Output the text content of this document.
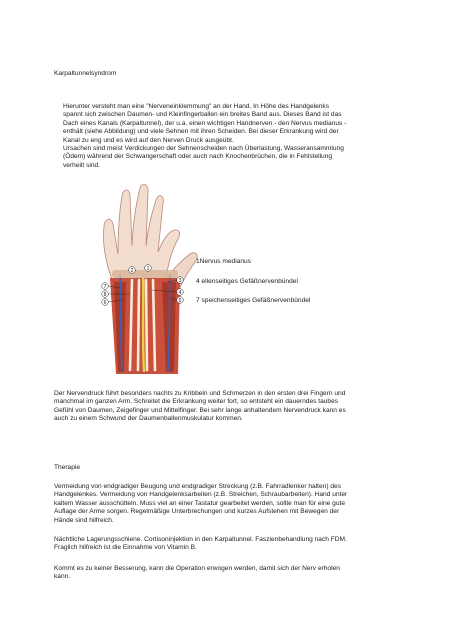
Karpaltunnelsyndrom

Hierunter versteht man eine "Nerveneinklemmung" an der Hand. In Höhe des Handgelenks
spannt sich zwischen Daumen- und Kleinfingerballen ein breites Band aus. Dieses Band ist das
Dach eines Kanals (Karpaltunnel), der u.a. einen wichtigen Handnerven - den Nervus medianus -
enthält (siehe Abbildung) und viele Sehnen mit ihren Scheiden. Bei dieser Erkrankung wird der
Kanal zu eng und es wird auf den Nerven Druck ausgeübt.
Ursachen sind meist Verdickungen der Sehnenscheiden nach Überlastung, Wasseransammlung
(Ödem) während der Schwangerschaft oder auch nach Knochenbrüchen, die in Fehlstellung
verheilt sind.
1
2
3
4
5
6
7
8
1Nervus medianus
4 ellenseitiges Gefäßnervenbündel
7 speichenseitiges Gefäßnervenbündel
Der Nervendruck führt besonders nachts zu Kribbeln und Schmerzen in den ersten drei Fingern und
manchmal im ganzen Arm. Schreitet die Erkrankung weiter fort, so entsteht ein dauerndes taubes
Gefühl von Daumen, Zeigefinger und Mittelfinger. Bei sehr lange anhaltendem Nervendruck kann es
auch zu einem Schwund der Daumenballenmuskulatur kommen.

Therapie

Vermeidung von endgradiger Beugung und endgradiger Streckung (z.B. Fahrradlenker halten) des
Handgelenkes. Vermeidung von Handgelenksarbeiten (z.B. Streichen, Schraubarbeiten). Hand unter
kaltem Wasser ausschütteln. Muss viel an einer Tastatur gearbeitet werden, sollte man für eine gute
Auflage der Arme sorgen. Regelmäßige Unterbrechungen und kurzes Aufstehen mit Bewegen der
Hände sind hilfreich.
Nächtliche Lagerungsschiene. Cortisoninjektion in den Karpaltunnel. Faszienbehandlung nach FDM.
Fraglich hilfreich ist die Einnahme von Vitamin B.
Kommt es zu keiner Besserung, kann die Operation erwogen werden, damit sich der Nerv erholen
kann.
